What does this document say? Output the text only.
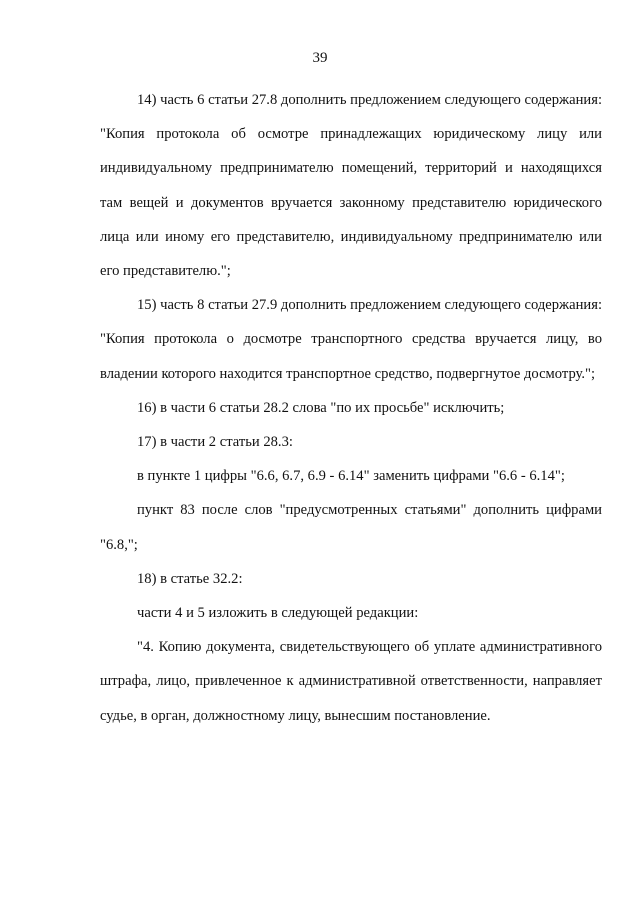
39

14) часть 6 статьи 27.8 дополнить предложением следующего содержания: "Копия протокола об осмотре принадлежащих юридическому лицу или индивидуальному предпринимателю помещений, территорий и находящихся там вещей и документов вручается законному представителю юридического лица или иному его представителю, индивидуальному предпринимателю или его представителю.";

15) часть 8 статьи 27.9 дополнить предложением следующего содержания: "Копия протокола о досмотре транспортного средства вручается лицу, во владении которого находится транспортное средство, подвергнутое досмотру.";

16) в части 6 статьи 28.2 слова "по их просьбе" исключить;

17) в части 2 статьи 28.3:

в пункте 1 цифры "6.6, 6.7, 6.9 - 6.14" заменить цифрами "6.6 - 6.14";

пункт 83 после слов "предусмотренных статьями" дополнить цифрами "6.8,";

18) в статье 32.2:

части 4 и 5 изложить в следующей редакции:

"4. Копию документа, свидетельствующего об уплате административного штрафа, лицо, привлеченное к административной ответственности, направляет судье, в орган, должностному лицу, вынесшим постановление.
